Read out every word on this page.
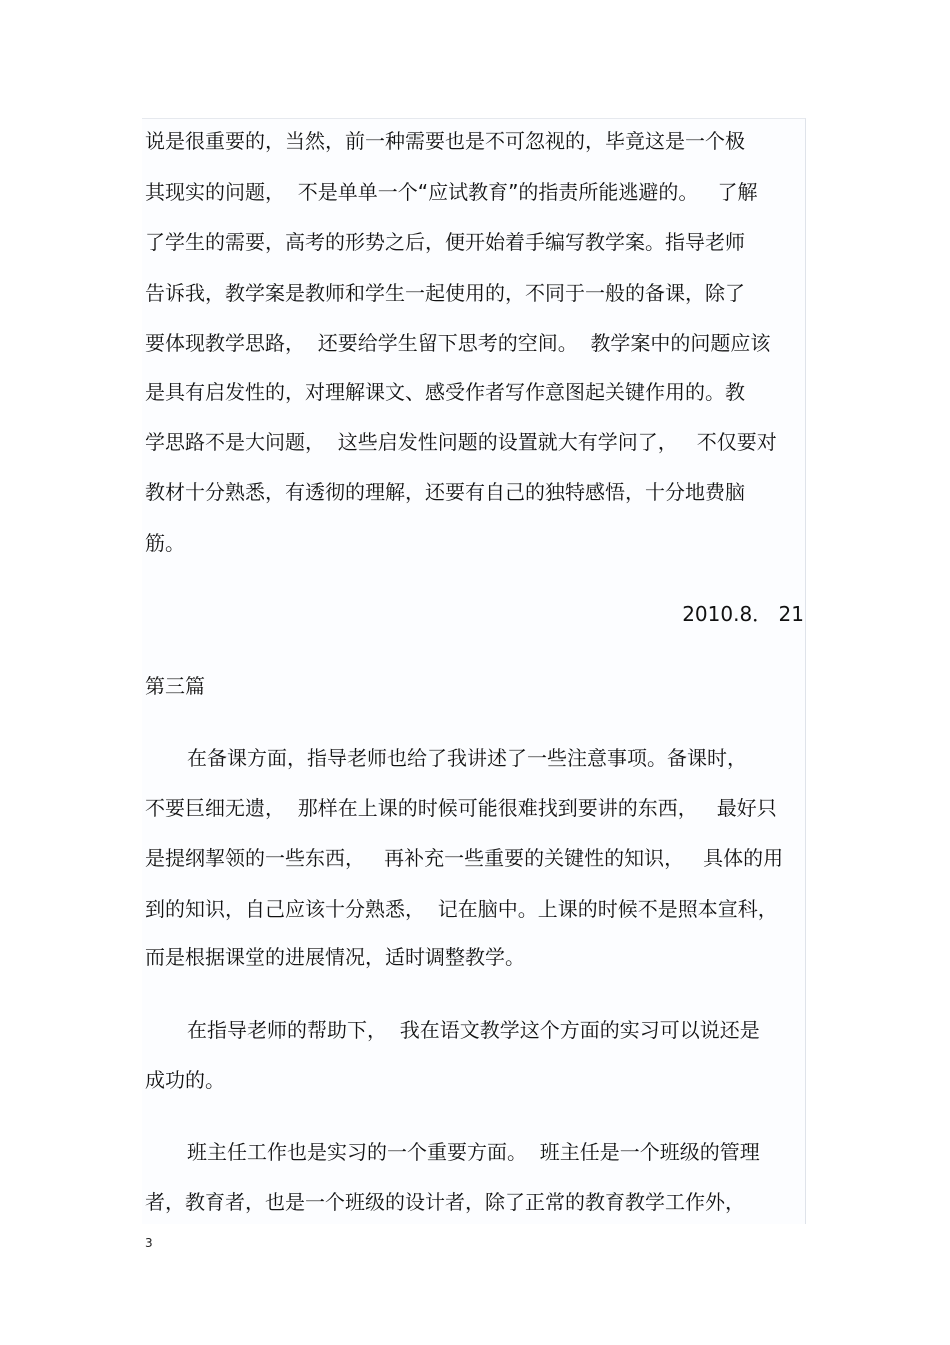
说是很重要的，当然，前一种需要也是不可忽视的，毕竟这是一个极
其现实的问题，  不是单单一个“应试教育”的指责所能逃避的。   了解
了学生的需要，高考的形势之后，便开始着手编写教学案。指导老师
告诉我，教学案是教师和学生一起使用的，不同于一般的备课，除了
要体现教学思路，  还要给学生留下思考的空间。  教学案中的问题应该
是具有启发性的，对理解课文、感受作者写作意图起关键作用的。教
学思路不是大问题，  这些启发性问题的设置就大有学问了，   不仅要对
教材十分熟悉，有透彻的理解，还要有自己的独特感悟，十分地费脑
筋。
2010.8． 21
第三篇
在备课方面，指导老师也给了我讲述了一些注意事项。备课时，
不要巨细无遗，  那样在上课的时候可能很难找到要讲的东西，   最好只
是提纲挈领的一些东西，   再补充一些重要的关键性的知识，   具体的用
到的知识，自己应该十分熟悉，  记在脑中。上课的时候不是照本宣科，
而是根据课堂的进展情况，适时调整教学。
在指导老师的帮助下，  我在语文教学这个方面的实习可以说还是
成功的。
班主任工作也是实习的一个重要方面。  班主任是一个班级的管理
者，教育者，也是一个班级的设计者，除了正常的教育教学工作外，
3
